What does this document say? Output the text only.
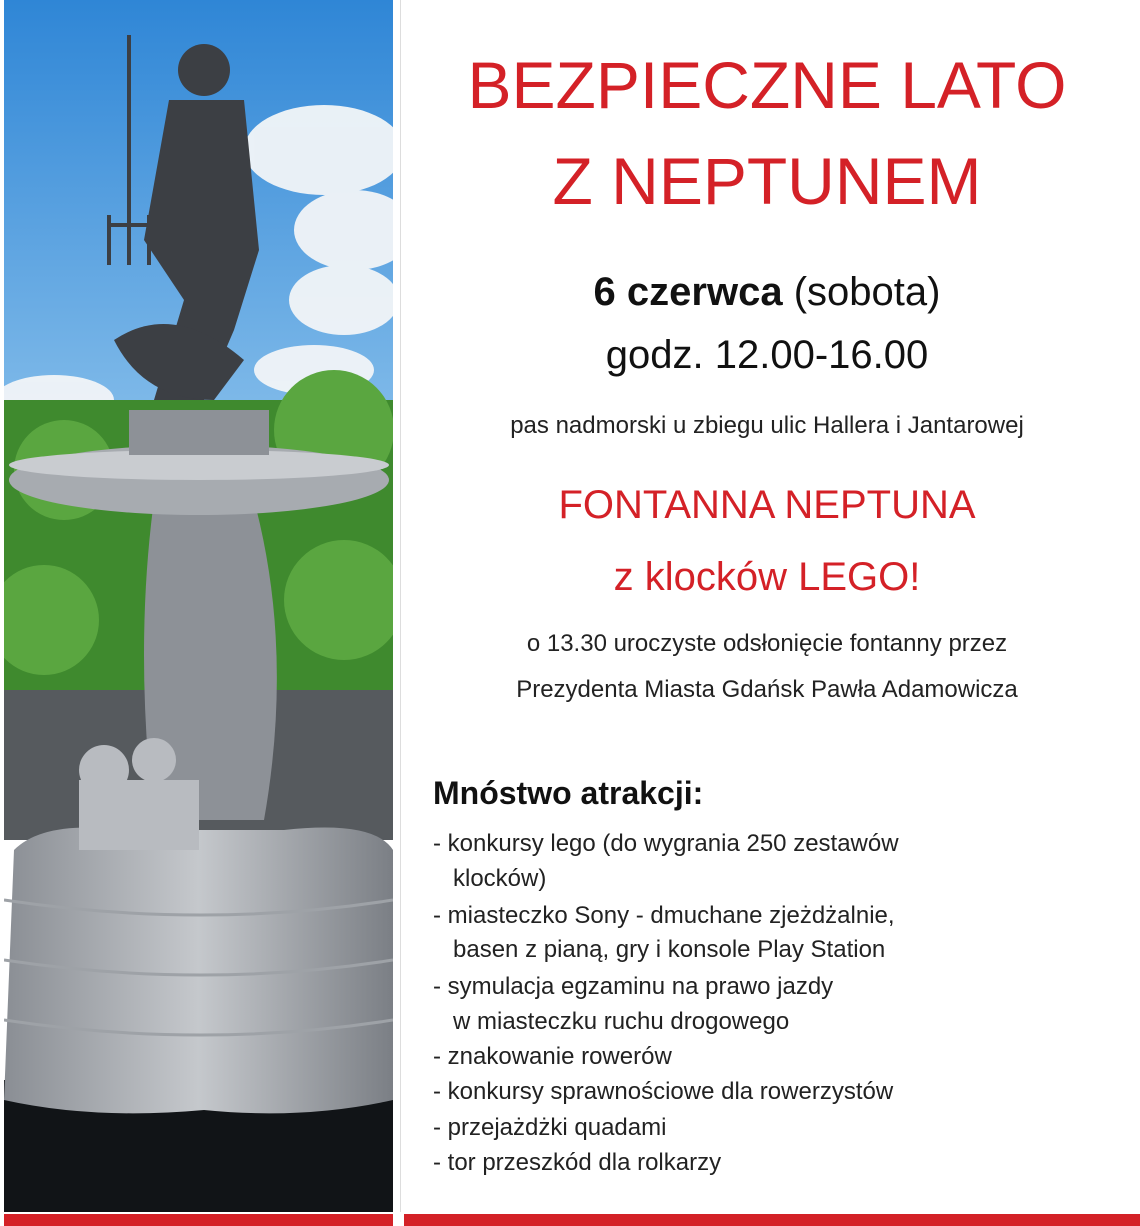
BEZPIECZNE LATO
Z NEPTUNEM
6 czerwca (sobota)
godz. 12.00-16.00
pas nadmorski u zbiegu ulic Hallera i Jantarowej
FONTANNA NEPTUNA
z klocków LEGO!
o 13.30 uroczyste odsłonięcie fontanny przez
Prezydenta Miasta Gdańsk Pawła Adamowicza
Mnóstwo atrakcji:
- konkursy lego (do wygrania 250 zestawów
klocków)
- miasteczko Sony - dmuchane zjeżdżalnie,
basen z pianą, gry i konsole Play Station
- symulacja egzaminu na prawo jazdy
w miasteczku ruchu drogowego
- znakowanie rowerów
- konkursy sprawnościowe dla rowerzystów
- przejażdżki quadami
- tor przeszkód dla rolkarzy
